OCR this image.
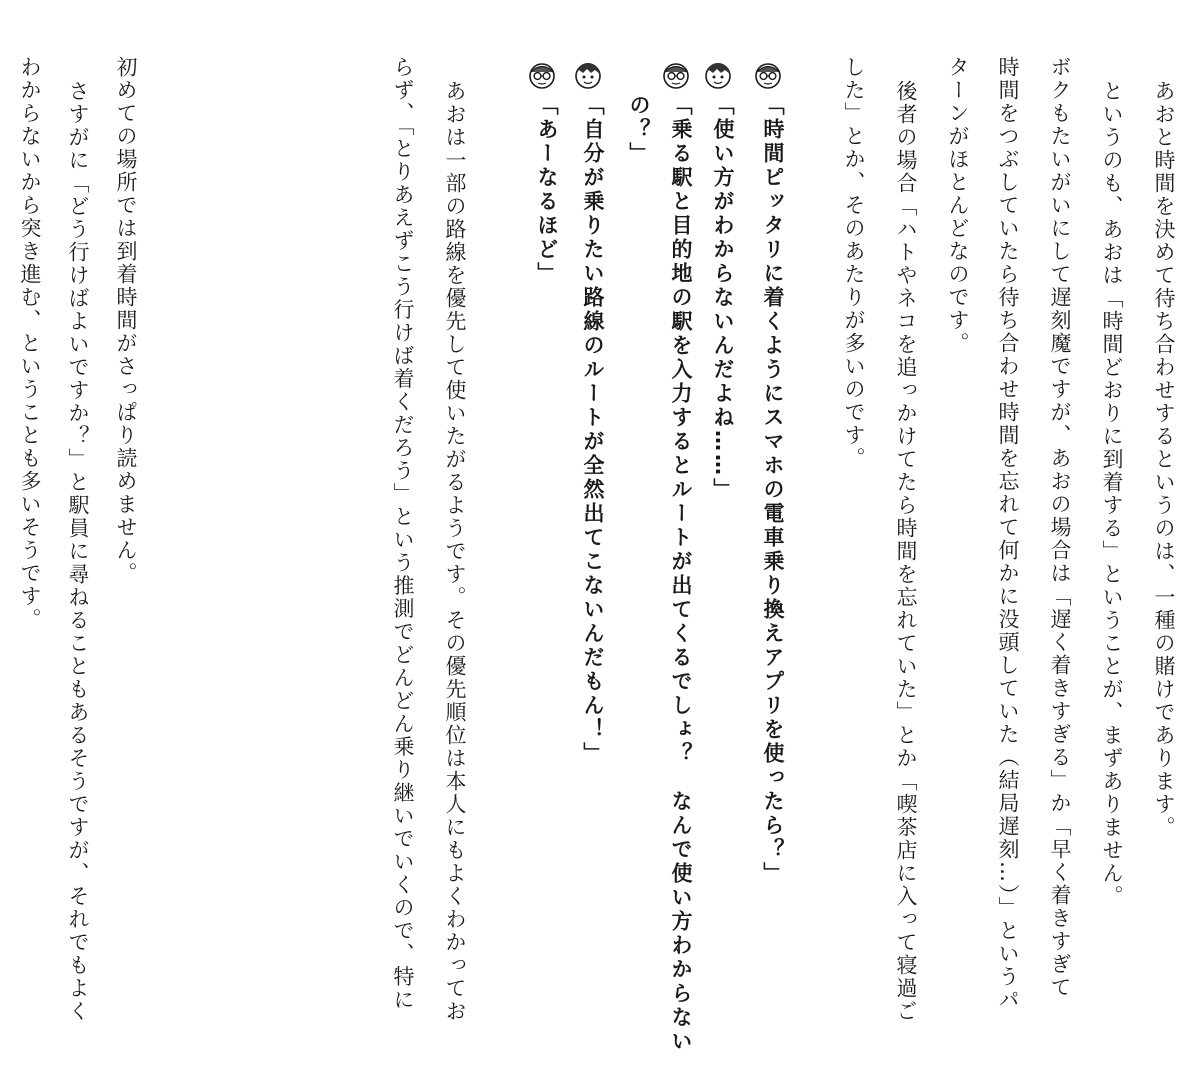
あおと時間を決めて待ち合わせするというのは、一種の賭けであります。
というのも、あおは「時間どおりに到着する」ということが、まずありません。
ボクもたいがいにして遅刻魔ですが、あおの場合は「遅く着きすぎる」か「早く着きすぎて
時間をつぶしていたら待ち合わせ時間を忘れて何かに没頭していた（結局遅刻…）」というパ
ターンがほとんどなのです。
後者の場合「ハトやネコを追っかけてたら時間を忘れていた」とか「喫茶店に入って寝過ご
した」とか、そのあたりが多いのです。
「時間ピッタリに着くようにスマホの電車乗り換えアプリを使ったら？」
「使い方がわからないんだよね……」
「乗る駅と目的地の駅を入力するとルートが出てくるでしょ？　なんで使い方わからない
の？」
「自分が乗りたい路線のルートが全然出てこないんだもん！」
「あーなるほど」
あおは一部の路線を優先して使いたがるようです。その優先順位は本人にもよくわかってお
らず、「とりあえずこう行けば着くだろう」という推測でどんどん乗り継いでいくので、特に
初めての場所では到着時間がさっぱり読めません。
さすがに「どう行けばよいですか？」と駅員に尋ねることもあるそうですが、それでもよく
わからないから突き進む、ということも多いそうです。
